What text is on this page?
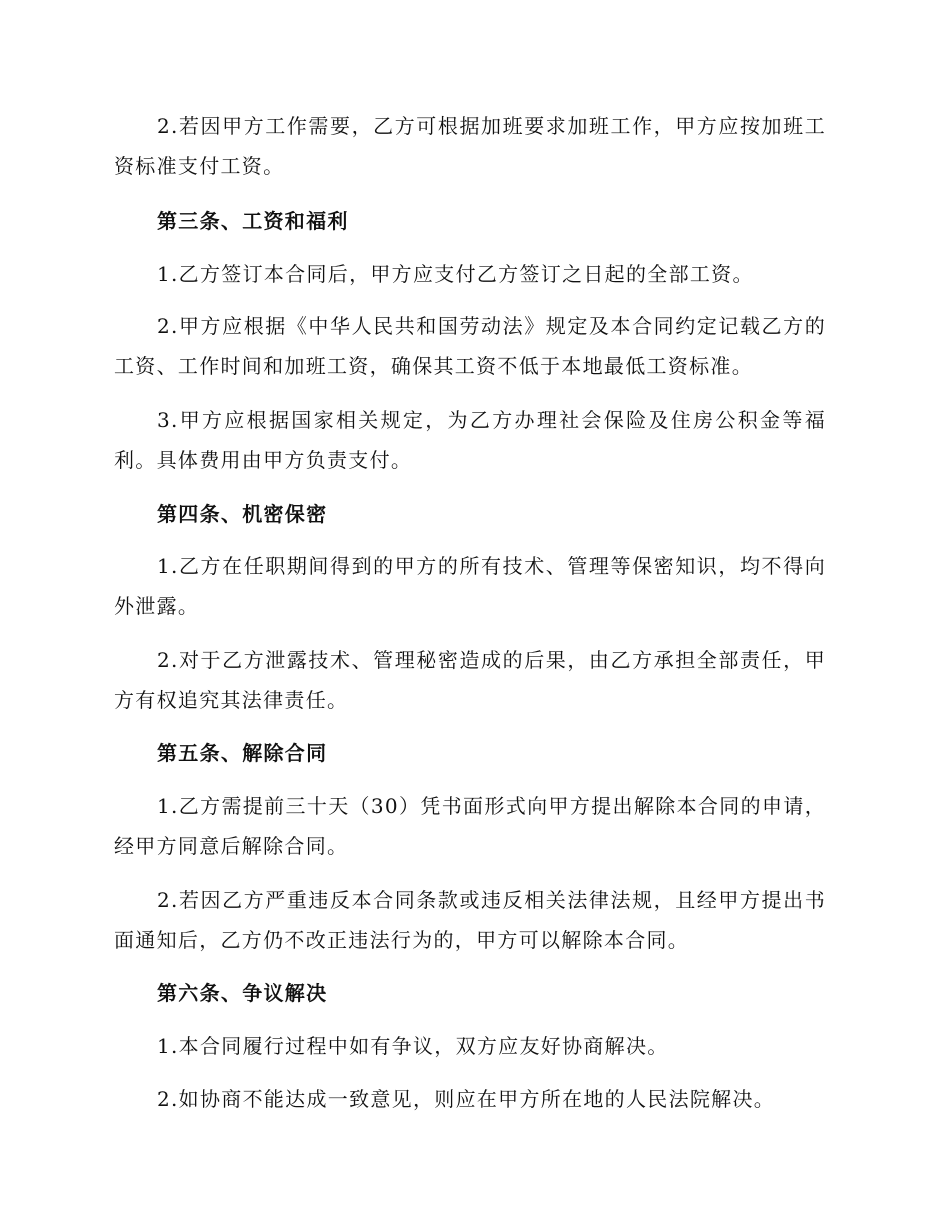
2.若因甲方工作需要，乙方可根据加班要求加班工作，甲方应按加班工资标准支付工资。

第三条、工资和福利

1.乙方签订本合同后，甲方应支付乙方签订之日起的全部工资。

2.甲方应根据《中华人民共和国劳动法》规定及本合同约定记载乙方的工资、工作时间和加班工资，确保其工资不低于本地最低工资标准。

3.甲方应根据国家相关规定，为乙方办理社会保险及住房公积金等福利。具体费用由甲方负责支付。

第四条、机密保密

1.乙方在任职期间得到的甲方的所有技术、管理等保密知识，均不得向外泄露。

2.对于乙方泄露技术、管理秘密造成的后果，由乙方承担全部责任，甲方有权追究其法律责任。

第五条、解除合同

1.乙方需提前三十天（30）凭书面形式向甲方提出解除本合同的申请，经甲方同意后解除合同。

2.若因乙方严重违反本合同条款或违反相关法律法规，且经甲方提出书面通知后，乙方仍不改正违法行为的，甲方可以解除本合同。

第六条、争议解决

1.本合同履行过程中如有争议，双方应友好协商解决。

2.如协商不能达成一致意见，则应在甲方所在地的人民法院解决。
